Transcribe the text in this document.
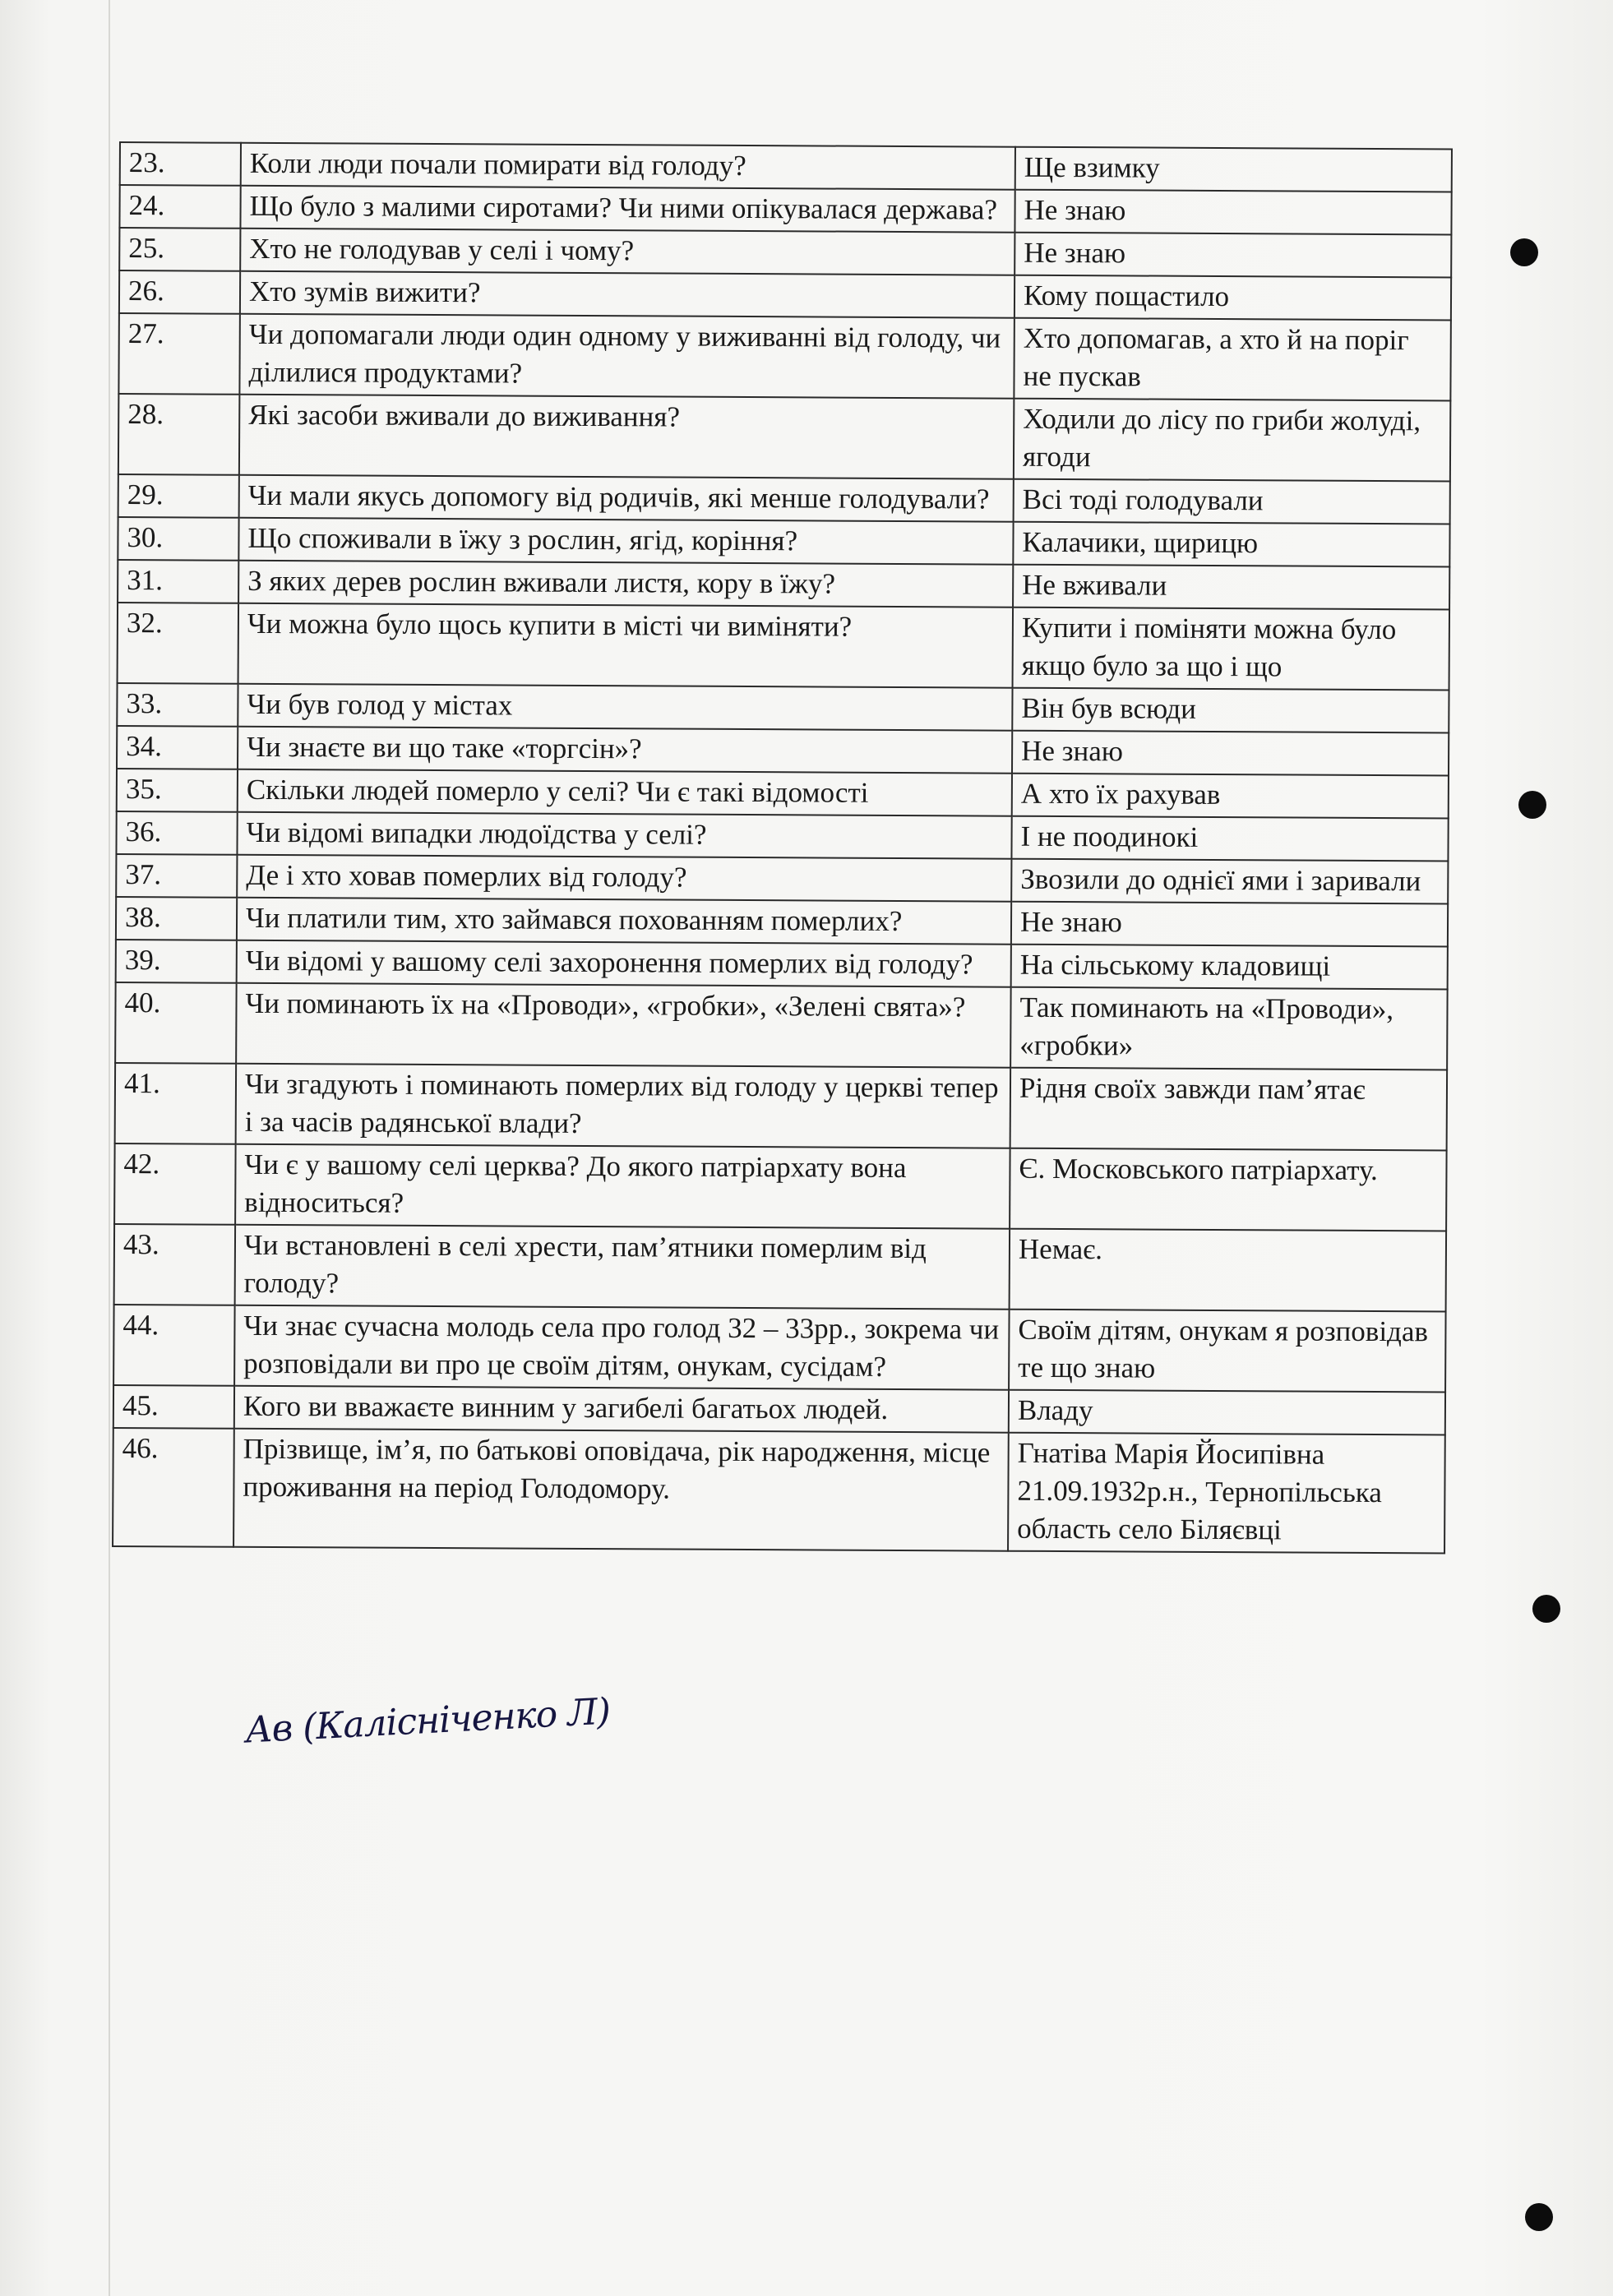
23.	Коли люди почали помирати від голоду?	Ще взимку
24.	Що було з малими сиротами? Чи ними опікувалася держава?	Не знаю
25.	Хто не голодував у селі і чому?	Не знаю
26.	Хто зумів вижити?	Кому пощастило
27.	Чи допомагали люди один одному у виживанні від голоду, чи ділилися продуктами?	Хто допомагав, а хто й на поріг не пускав
28.	Які засоби вживали до виживання?	Ходили до лісу по гриби жолуді, ягоди
29.	Чи мали якусь допомогу від родичів, які менше голодували?	Всі тоді голодували
30.	Що споживали в їжу з рослин, ягід, коріння?	Калачики, щирицю
31.	З яких дерев рослин вживали листя, кору в їжу?	Не вживали
32.	Чи можна було щось купити в місті чи виміняти?	Купити і поміняти можна було якщо було за що і що
33.	Чи був голод у містах	Він був всюди
34.	Чи знаєте ви що таке «торгсін»?	Не знаю
35.	Скільки людей померло у селі? Чи є такі відомості	А хто їх рахував
36.	Чи відомі випадки людоїдства у селі?	І не поодинокі
37.	Де і хто ховав померлих від голоду?	Звозили до однієї ями і заривали
38.	Чи платили тим, хто займався похованням померлих?	Не знаю
39.	Чи відомі у вашому селі захоронення померлих від голоду?	На сільському кладовищі
40.	Чи поминають їх на «Проводи», «гробки», «Зелені свята»?	Так поминають на «Проводи», «гробки»
41.	Чи згадують і поминають померлих від голоду у церкві тепер і за часів радянської влади?	Рідня своїх завжди пам’ятає
42.	Чи є у вашому селі церква? До якого патріархату вона відноситься?	Є. Московського патріархату.
43.	Чи встановлені в селі хрести, пам’ятники померлим від голоду?	Немає.
44.	Чи знає сучасна молодь села про голод 32 – 33рр., зокрема чи розповідали ви про це своїм дітям, онукам, сусідам?	Своїм дітям, онукам я розповідав те що знаю
45.	Кого ви вважаєте винним у загибелі багатьох людей.	Владу
46.	Прізвище, ім’я, по батькові оповідача, рік народження, місце проживання на період Голодомору.	Гнатіва Марія Йосипівна 21.09.1932р.н., Тернопільська область село Біляєвці
Ав (Калісніченко Л)
